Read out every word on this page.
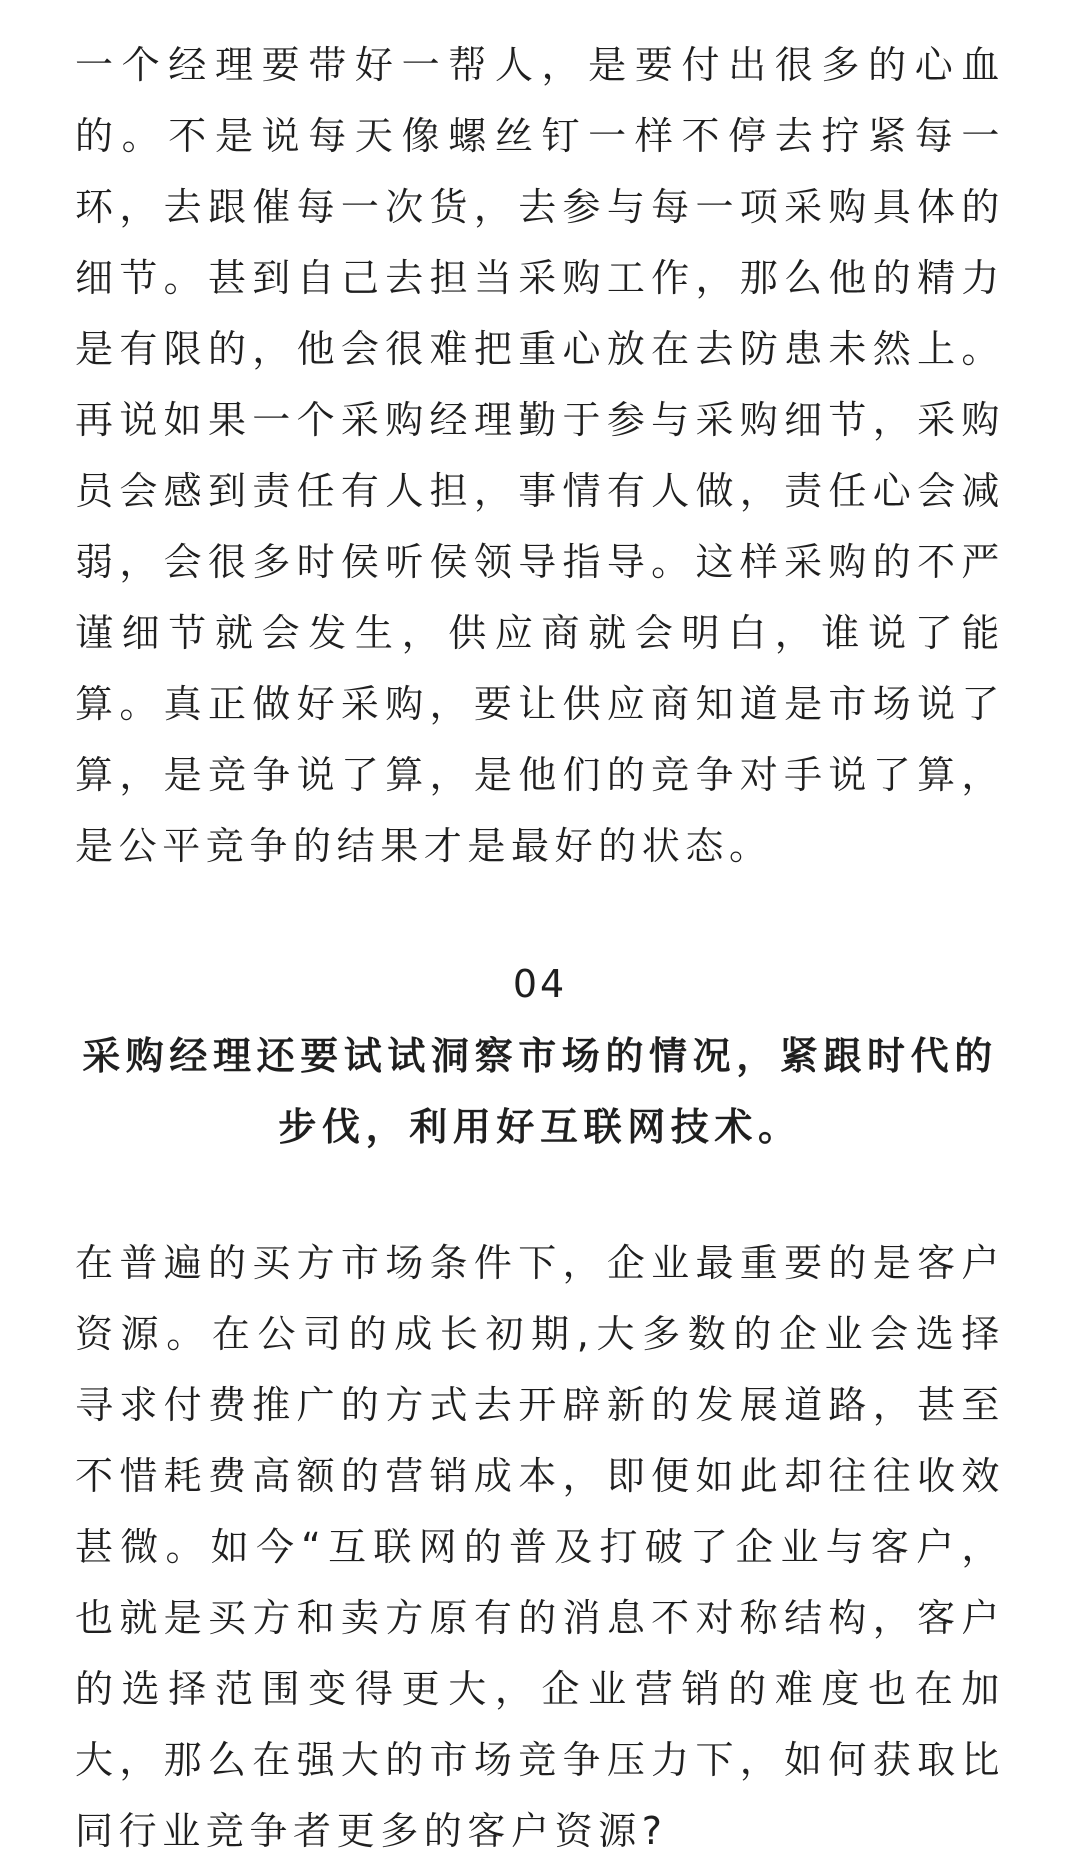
一个经理要带好一帮人，是要付出很多的心血的。不是说每天像螺丝钉一样不停去拧紧每一环，去跟催每一次货，去参与每一项采购具体的细节。甚到自己去担当采购工作，那么他的精力是有限的，他会很难把重心放在去防患未然上。再说如果一个采购经理勤于参与采购细节，采购员会感到责任有人担，事情有人做，责任心会减弱，会很多时侯听侯领导指导。这样采购的不严谨细节就会发生，供应商就会明白，谁说了能算。真正做好采购，要让供应商知道是市场说了算，是竞争说了算，是他们的竞争对手说了算，是公平竞争的结果才是最好的状态。

04
采购经理还要试试洞察市场的情况，紧跟时代的步伐，利用好互联网技术。

在普遍的买方市场条件下，企业最重要的是客户资源。在公司的成长初期,大多数的企业会选择寻求付费推广的方式去开辟新的发展道路，甚至不惜耗费高额的营销成本，即便如此却往往收效甚微。如今“互联网的普及打破了企业与客户，也就是买方和卖方原有的消息不对称结构，客户的选择范围变得更大，企业营销的难度也在加大，那么在强大的市场竞争压力下，如何获取比同行业竞争者更多的客户资源?
